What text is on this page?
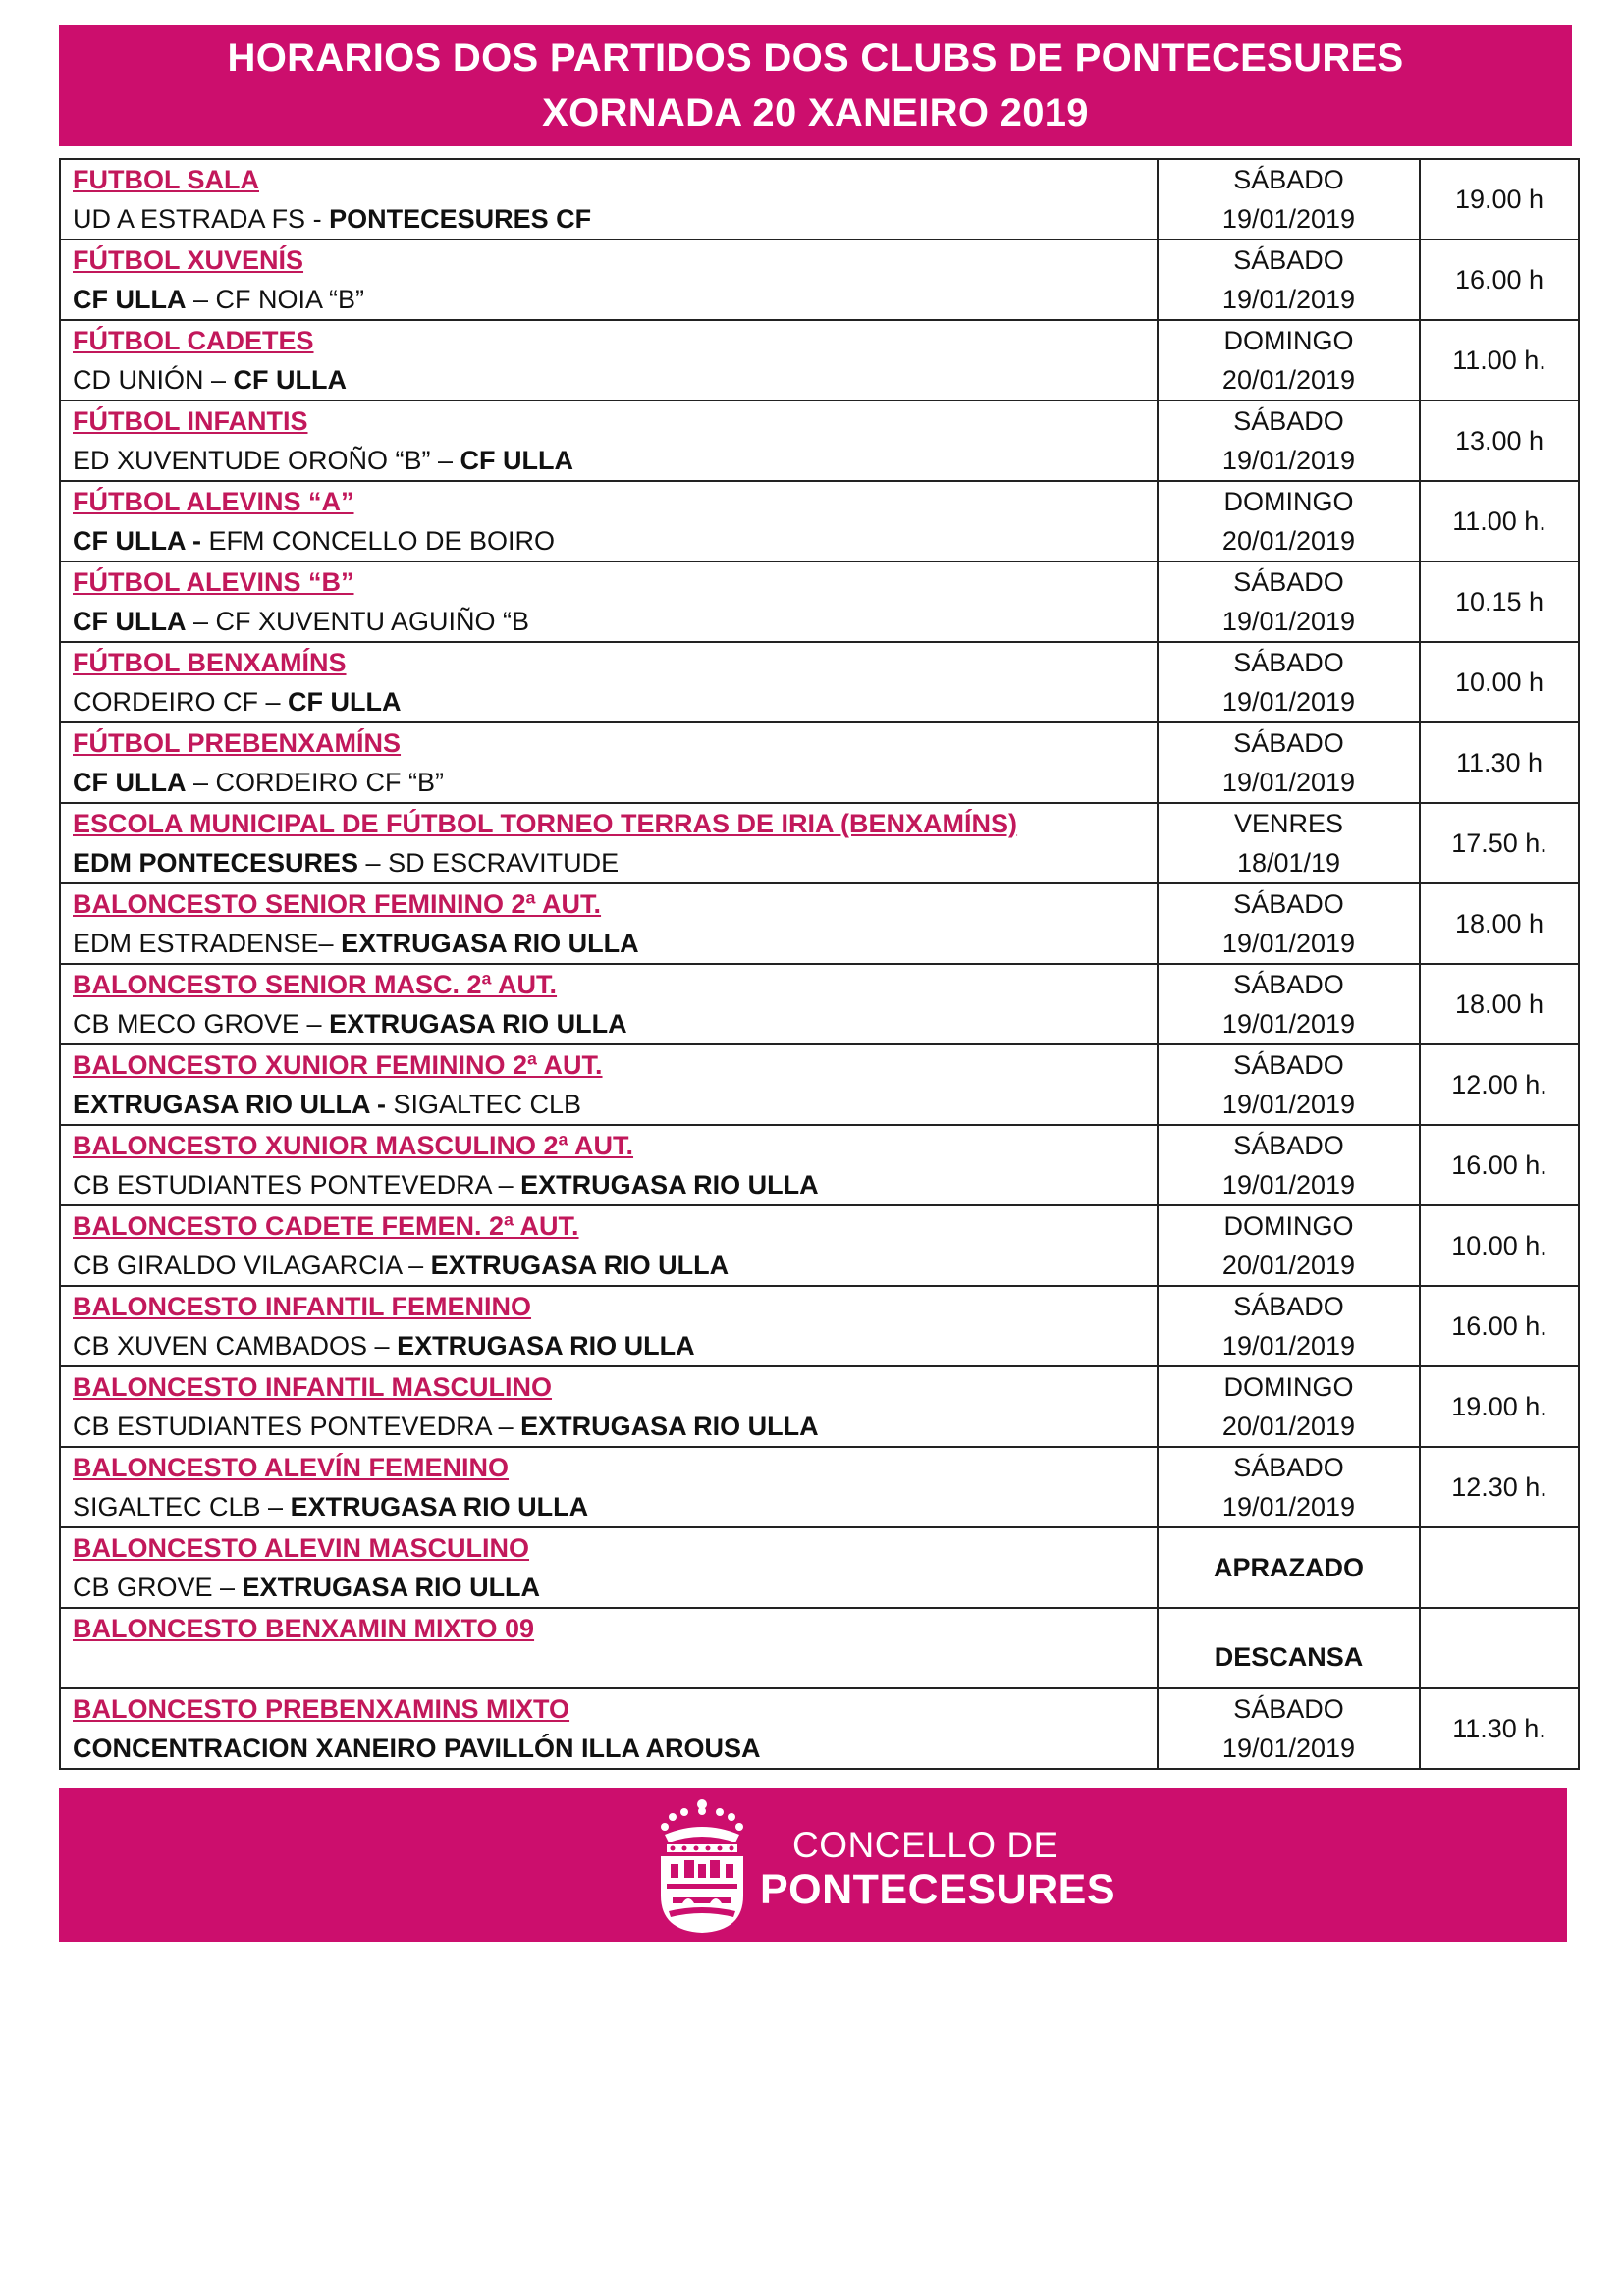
HORARIOS DOS PARTIDOS DOS CLUBS DE PONTECESURES
XORNADA 20 XANEIRO 2019
FUTBOL SALA
UD A ESTRADA FS - PONTECESURES CF	SÁBADO
19/01/2019	19.00 h

FÚTBOL XUVENÍS
CF ULLA – CF NOIA “B”	SÁBADO
19/01/2019	16.00 h

FÚTBOL CADETES
CD UNIÓN – CF ULLA	DOMINGO
20/01/2019	11.00 h.

FÚTBOL INFANTIS
ED XUVENTUDE OROÑO “B” – CF ULLA	SÁBADO
19/01/2019	13.00 h

FÚTBOL ALEVINS “A”
CF ULLA - EFM CONCELLO DE BOIRO	DOMINGO
20/01/2019	11.00 h.

FÚTBOL ALEVINS “B”
CF ULLA – CF XUVENTU AGUIÑO “B	SÁBADO
19/01/2019	10.15 h

FÚTBOL BENXAMÍNS
CORDEIRO CF – CF ULLA	SÁBADO
19/01/2019	10.00 h

FÚTBOL PREBENXAMÍNS
CF ULLA – CORDEIRO CF “B”	SÁBADO
19/01/2019	11.30 h

ESCOLA MUNICIPAL DE FÚTBOL TORNEO TERRAS DE IRIA (BENXAMÍNS)
EDM PONTECESURES – SD ESCRAVITUDE	VENRES
18/01/19	17.50 h.

BALONCESTO SENIOR FEMININO 2ª AUT.
EDM ESTRADENSE– EXTRUGASA RIO ULLA	SÁBADO
19/01/2019	18.00 h

BALONCESTO SENIOR MASC. 2ª AUT.
CB MECO GROVE – EXTRUGASA RIO ULLA	SÁBADO
19/01/2019	18.00 h

BALONCESTO XUNIOR FEMININO 2ª AUT.
EXTRUGASA RIO ULLA - SIGALTEC CLB	SÁBADO
19/01/2019	12.00 h.

BALONCESTO XUNIOR MASCULINO 2ª AUT.
CB ESTUDIANTES PONTEVEDRA – EXTRUGASA RIO ULLA	SÁBADO
19/01/2019	16.00 h.

BALONCESTO CADETE FEMEN. 2ª AUT.
CB GIRALDO VILAGARCIA – EXTRUGASA RIO ULLA	DOMINGO
20/01/2019	10.00 h.

BALONCESTO INFANTIL FEMENINO
CB XUVEN CAMBADOS – EXTRUGASA RIO ULLA	SÁBADO
19/01/2019	16.00 h.

BALONCESTO INFANTIL MASCULINO
CB ESTUDIANTES PONTEVEDRA – EXTRUGASA RIO ULLA	DOMINGO
20/01/2019	19.00 h.

BALONCESTO ALEVÍN FEMENINO
SIGALTEC CLB – EXTRUGASA RIO ULLA	SÁBADO
19/01/2019	12.30 h.

BALONCESTO ALEVIN MASCULINO
CB GROVE – EXTRUGASA RIO ULLA	APRAZADO	

BALONCESTO BENXAMIN MIXTO 09	DESCANSA	

BALONCESTO PREBENXAMINS MIXTO
CONCENTRACION XANEIRO PAVILLÓN ILLA AROUSA	SÁBADO
19/01/2019	11.30 h.
CONCELLO DE
PONTECESURES
